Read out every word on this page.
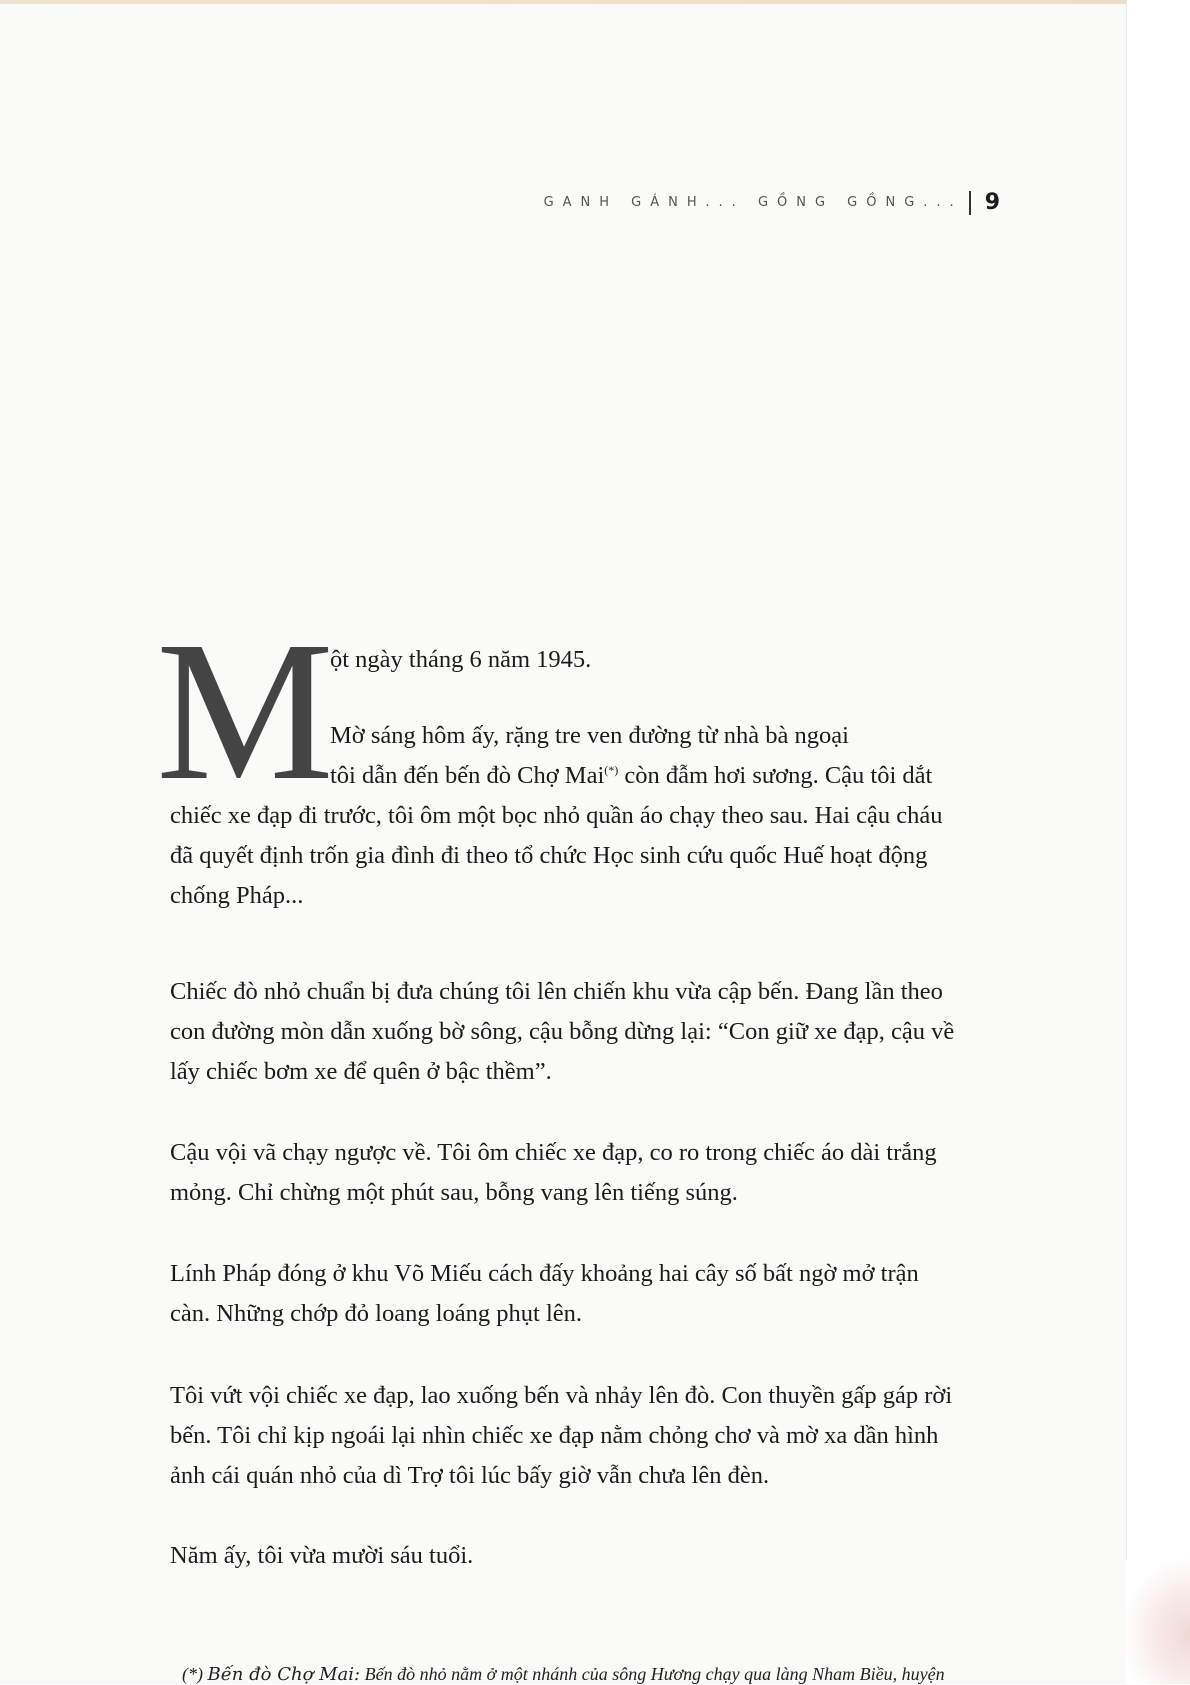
GANH GÁNH... GỒNG GỒNG... 9
M

ột ngày tháng 6 năm 1945.
Mờ sáng hôm ấy, rặng tre ven đường từ nhà bà ngoại
tôi dẫn đến bến đò Chợ Mai(*) còn đẫm hơi sương. Cậu tôi dắt chiếc xe đạp đi trước, tôi ôm một bọc nhỏ quần áo chạy theo sau. Hai cậu cháu đã quyết định trốn gia đình đi theo tổ chức Học sinh cứu quốc Huế hoạt động chống Pháp...

Chiếc đò nhỏ chuẩn bị đưa chúng tôi lên chiến khu vừa cập bến. Đang lần theo con đường mòn dẫn xuống bờ sông, cậu bỗng dừng lại: “Con giữ xe đạp, cậu về lấy chiếc bơm xe để quên ở bậc thềm”.

Cậu vội vã chạy ngược về. Tôi ôm chiếc xe đạp, co ro trong chiếc áo dài trắng mỏng. Chỉ chừng một phút sau, bỗng vang lên tiếng súng.

Lính Pháp đóng ở khu Võ Miếu cách đấy khoảng hai cây số bất ngờ mở trận càn. Những chớp đỏ loang loáng phụt lên.

Tôi vứt vội chiếc xe đạp, lao xuống bến và nhảy lên đò. Con thuyền gấp gáp rời bến. Tôi chỉ kịp ngoái lại nhìn chiếc xe đạp nằm chỏng chơ và mờ xa dần hình ảnh cái quán nhỏ của dì Trợ tôi lúc bấy giờ vẫn chưa lên đèn.

Năm ấy, tôi vừa mười sáu tuổi.

(*) Bến đò Chợ Mai: Bến đò nhỏ nằm ở một nhánh của sông Hương chạy qua làng Nham Biều, huyện
